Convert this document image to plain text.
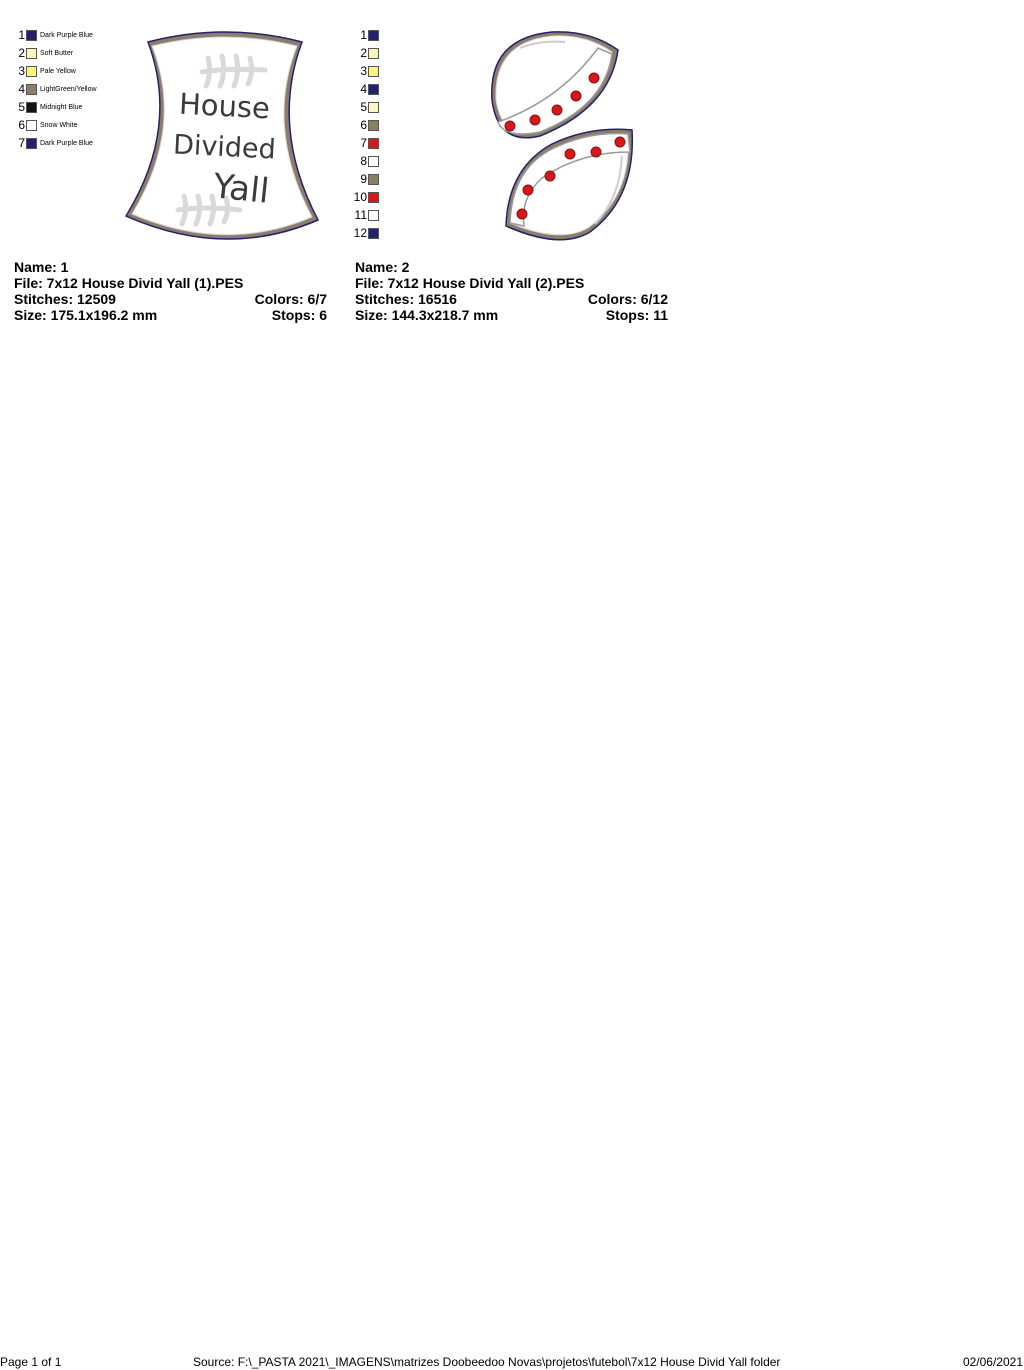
1 Dark Purple Blue
2 Soft Butter
3 Pale Yellow
4 LightGreen/Yellow
5 Midnight Blue
6 Snow White
7 Dark Purple Blue
House
Divided
Yall
Name: 1
File: 7x12 House Divid Yall (1).PES
Stitches: 12509	Colors: 6/7
Size: 175.1x196.2 mm	Stops: 6
1
2
3
4
5
6
7
8
9
10
11
12
Name: 2
File: 7x12 House Divid Yall (2).PES
Stitches: 16516	Colors: 6/12
Size: 144.3x218.7 mm	Stops: 11
Page 1 of 1	Source: F:\_PASTA 2021\_IMAGENS\matrizes Doobeedoo Novas\projetos\futebol\7x12 House Divid Yall folder	02/06/2021
